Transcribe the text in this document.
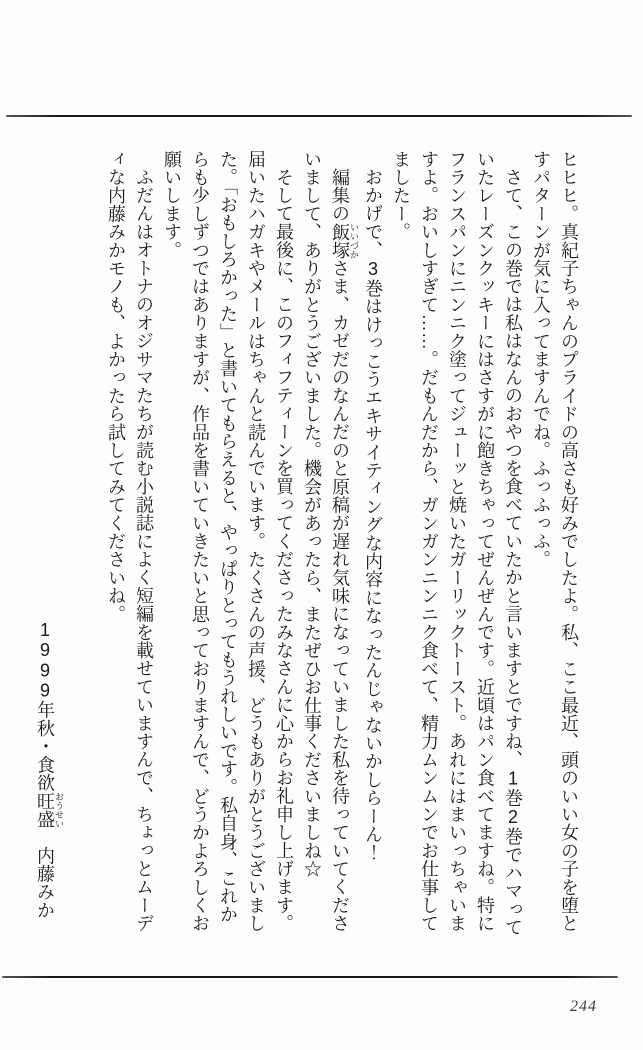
ヒヒヒ。真紀子ちゃんのプライドの高さも好みでしたよ。私、ここ最近、頭のいい女の子を堕とすパターンが気に入ってますんでね。ふっふっふ。

さて、この巻では私はなんのおやつを食べていたかと言いますとですね、1巻2巻でハマっていたレーズンクッキーにはさすがに飽きちゃってぜんぜんです。近頃はパン食べてますね。特にフランスパンにニンニク塗ってジューッと焼いたガーリックトースト。あれにはまいっちゃいますよ。おいしすぎて……。だもんだから、ガンガンニンニク食べて、精力ムンムンでお仕事してましたー。

おかげで、3巻はけっこうエキサイティングな内容になったんじゃないかしらーん！

編集の飯塚 いいづかさま、カゼだのなんだのと原稿が遅れ気味になっていました私を待っていてくださいまして、ありがとうございました。機会があったら、またぜひお仕事くださいましね☆

そして最後に、このフィフティーンを買ってくださったみなさんに心からお礼申し上げます。届いたハガキやメールはちゃんと読んでいます。たくさんの声援、どうもありがとうございました。「おもしろかった」と書いてもらえると、やっぱりとってもうれしいです。私自身、これからも少しずつではありますが、作品を書いていきたいと思っておりますんで、どうかよろしくお願いします。

ふだんはオトナのオジサマたちが読む小説誌によく短編を載せていますんで、ちょっとムーディな内藤みかモノも、よかったら試してみてくださいね。

1999年秋・食欲旺盛 おうせい　内藤みか

244
